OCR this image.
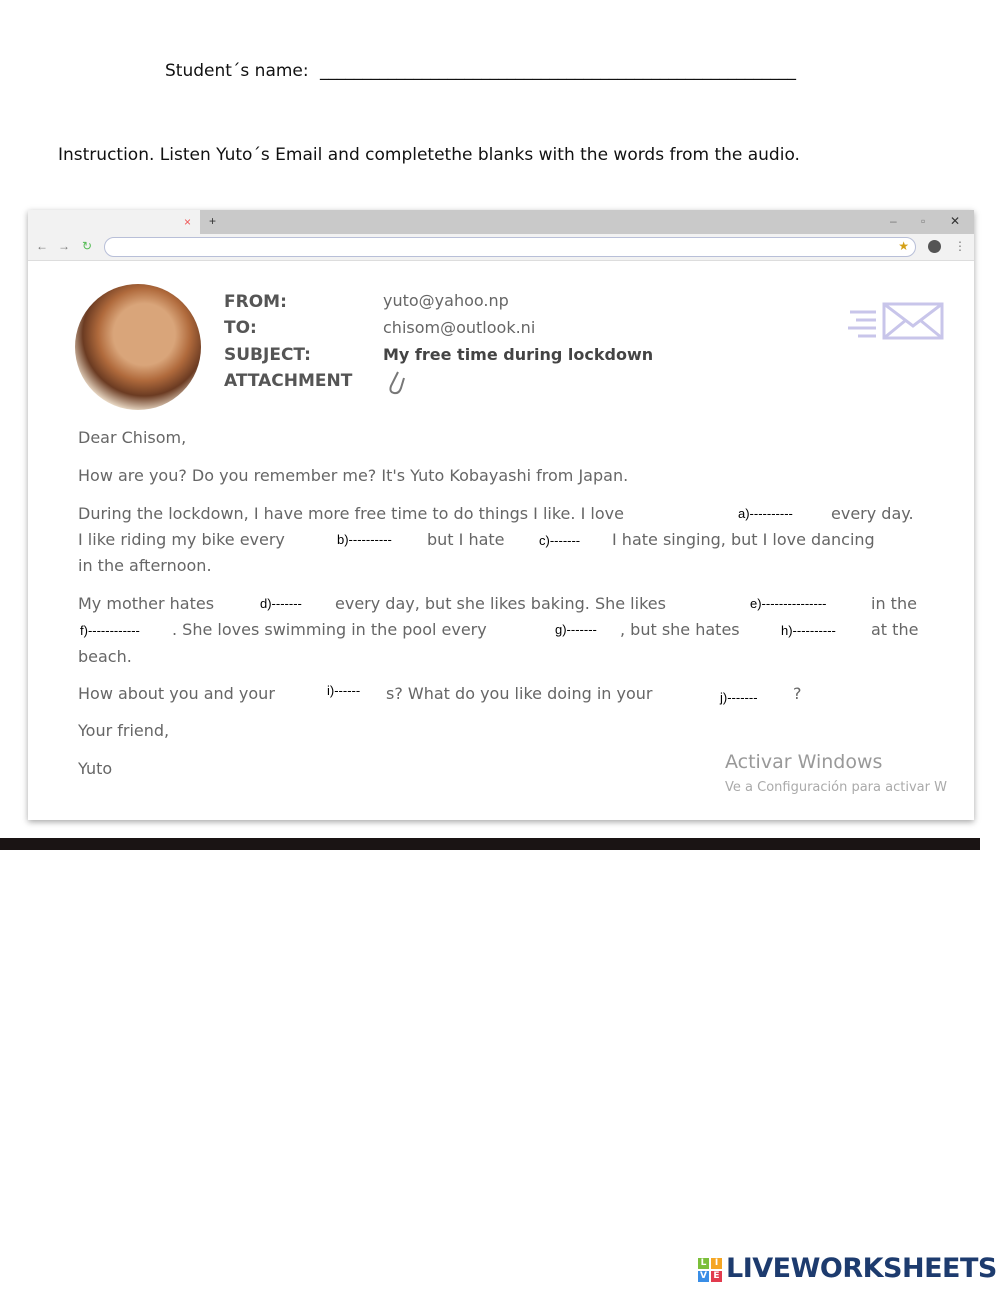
Student´s name: ________________________________________________________
Instruction. Listen Yuto´s Email and completethe blanks with the words from the audio.
× +	– ▫ ✕
← → ↻	★	⋮
FROM:	yuto@yahoo.np
TO:	chisom@outlook.ni
SUBJECT:	My free time during lockdown
ATTACHMENT
Dear Chisom,
How are you? Do you remember me? It's Yuto Kobayashi from Japan.
During the lockdown, I have more free time to do things I like. I love	a)---------- every day.
I like riding my bike every	b)---------- but I hate	c)------- I hate singing, but I love dancing
in the afternoon.
My mother hates	d)------- every day, but she likes baking. She likes	e)---------------	in the
f)------------ . She loves swimming in the pool every	g)------- , but she hates	h)---------- at the
beach.
How about you and your	i)------ s? What do you like doing in your	j)------- ?
Your friend,
Yuto	Activar Windows
Ve a Configuración para activar W
L I
V E LIVEWORKSHEETS
